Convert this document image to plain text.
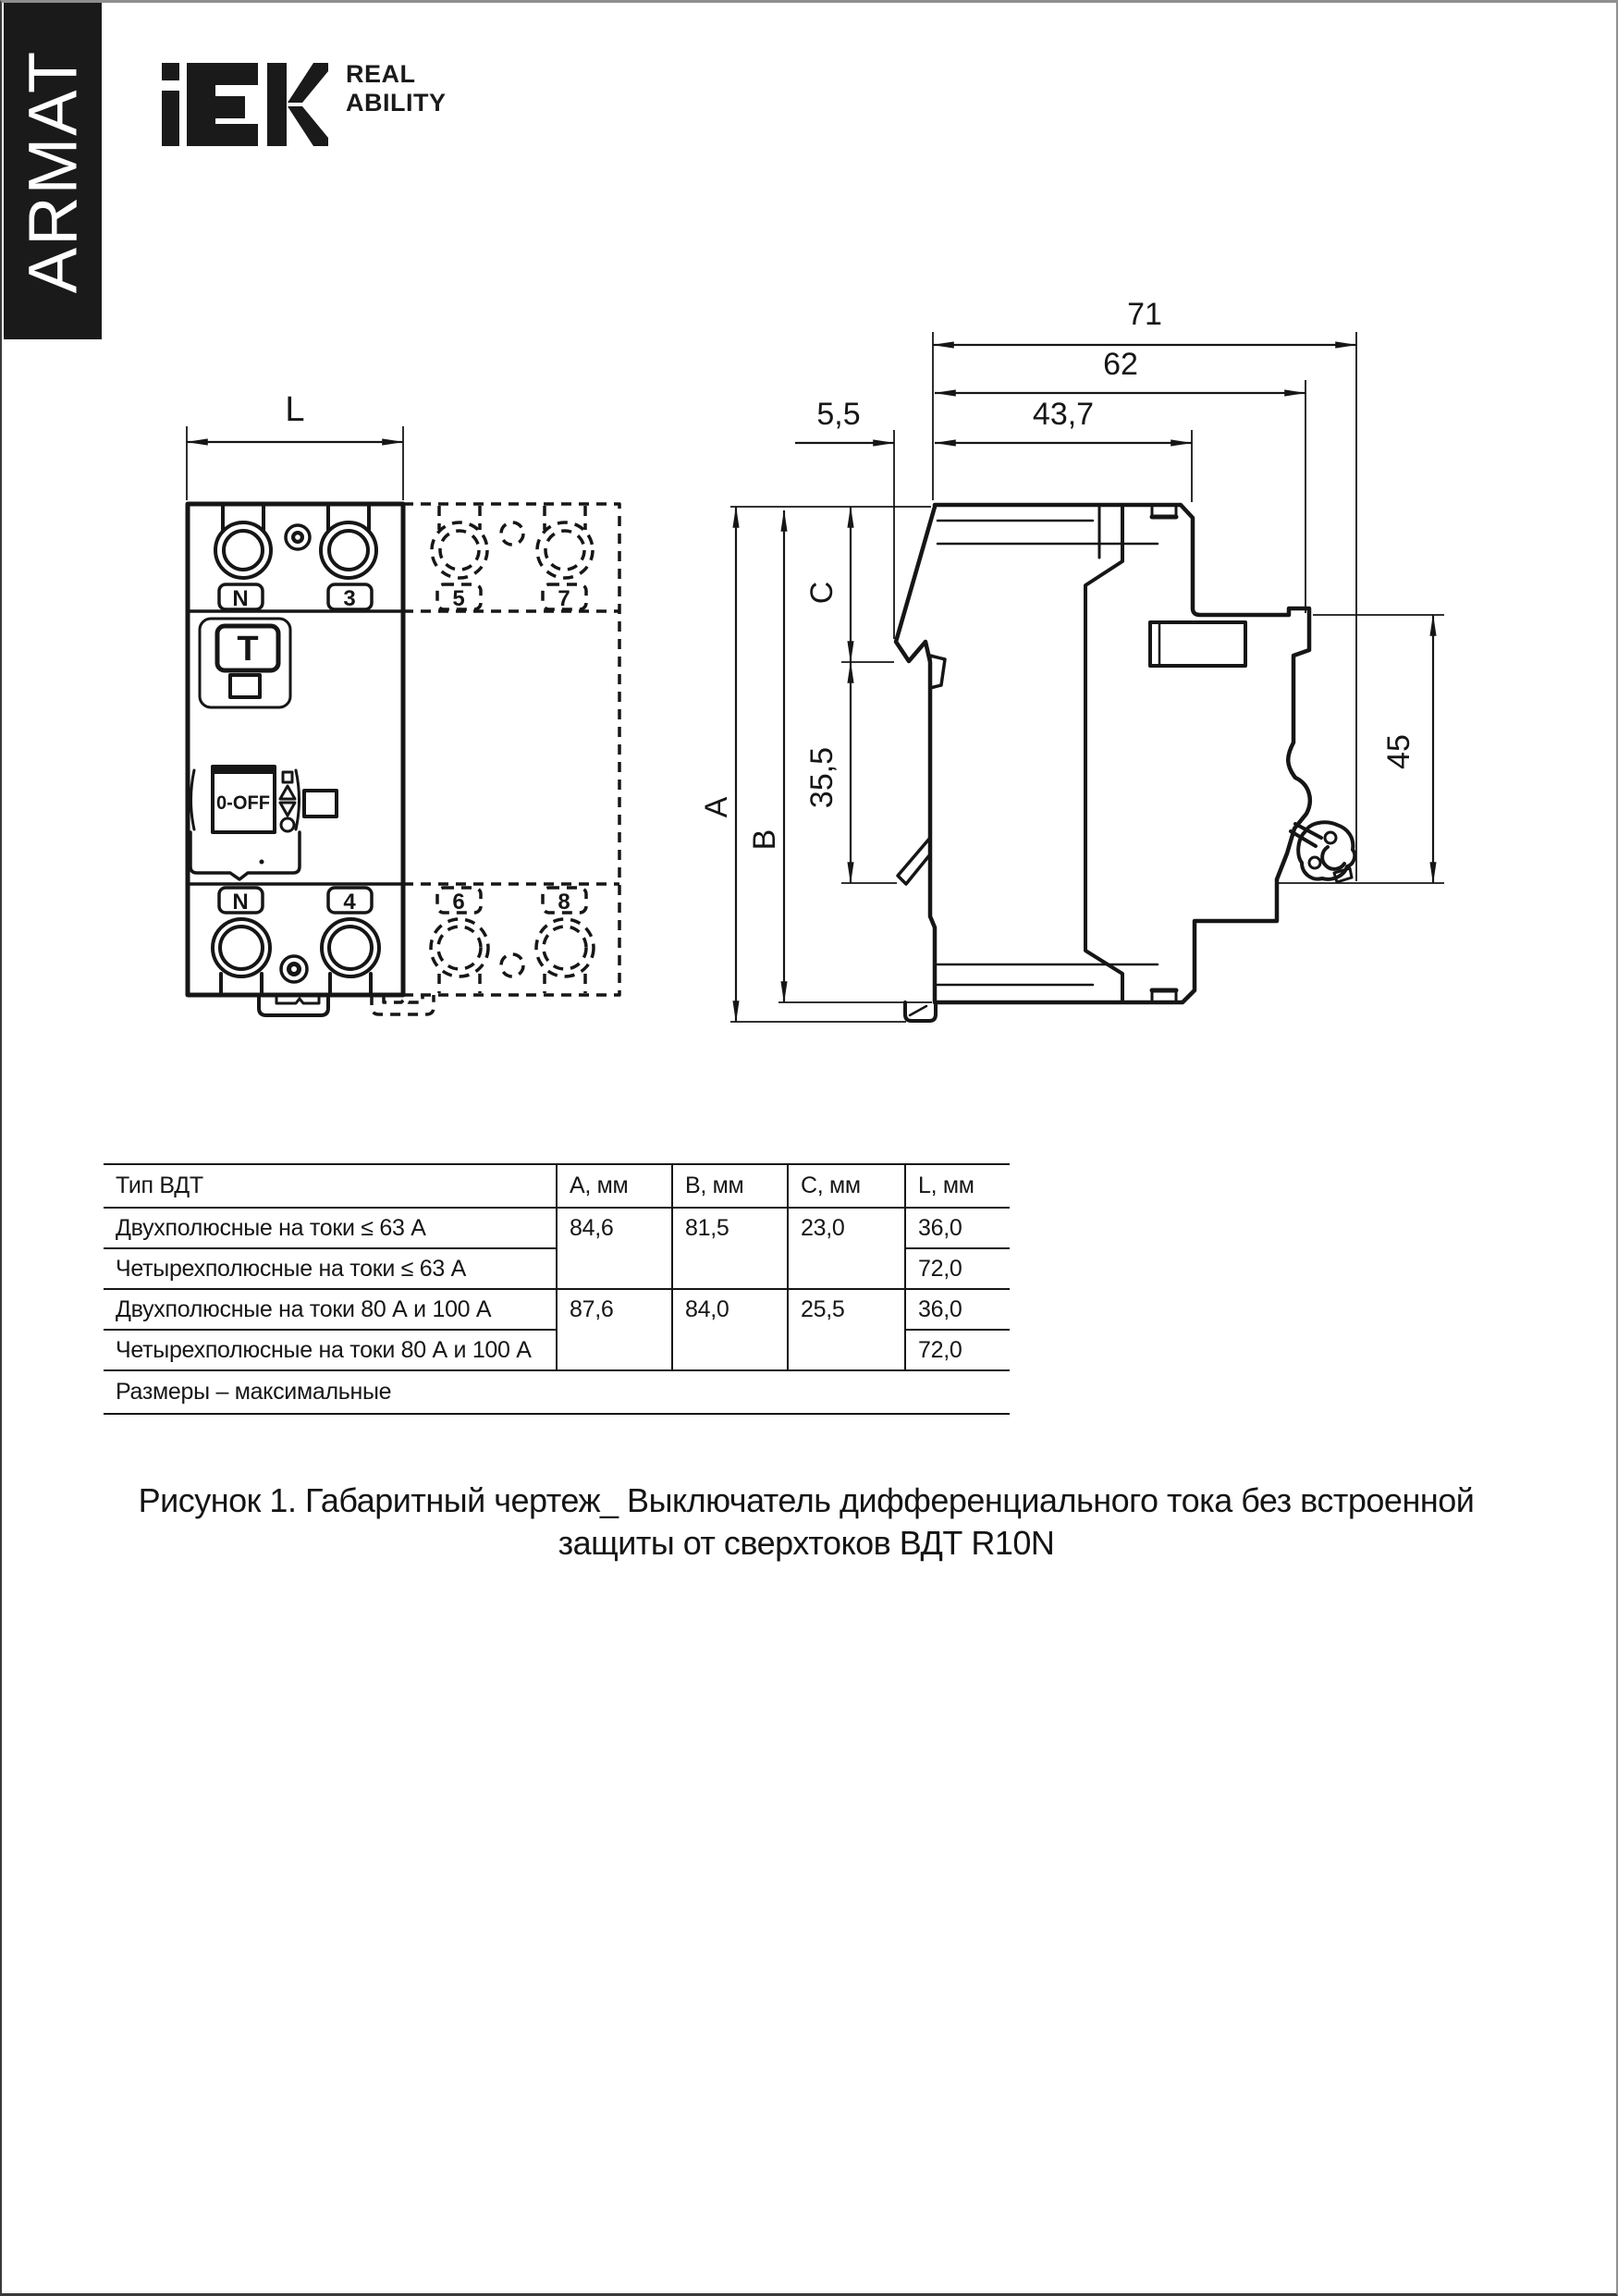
ARMAT	REAL
ABILITY
N	3
T
0-OFF
N	4
5	7
6	8
L
71
62
5,5	43,7
A
B
C
35,5	45
Тип ВДТ	А, мм	В, мм	С, мм	L, мм
Двухполюсные на токи ≤ 63 А	84,6	81,5	23,0	36,0
Четырехполюсные на токи ≤ 63 А				72,0
Двухполюсные на токи 80 А и 100 А	87,6	84,0	25,5	36,0
Четырехполюсные на токи 80 А и 100 А				72,0
Размеры – максимальные				
Рисунок 1. Габаритный чертеж_ Выключатель дифференциального тока без встроенной
защиты от сверхтоков ВДТ R10N
